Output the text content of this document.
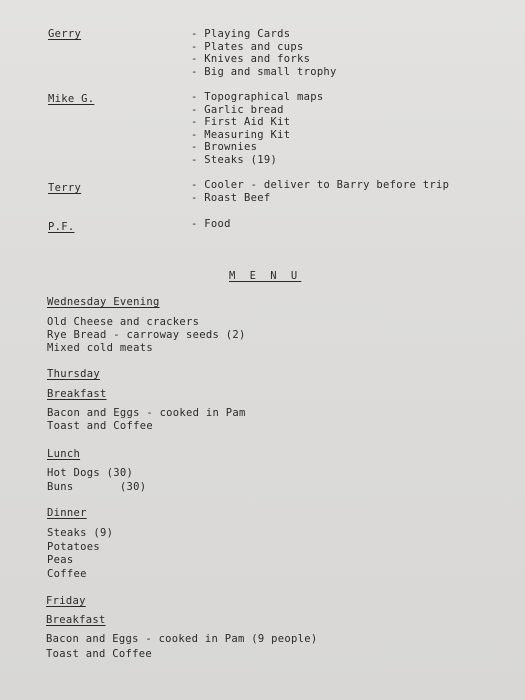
Gerry
Mike G.
Terry
P.F.
- Playing Cards
- Plates and cups
- Knives and forks
- Big and small trophy
- Topographical maps
- Garlic bread
- First Aid Kit
- Measuring Kit
- Brownies
- Steaks (19)
- Cooler - deliver to Barry before trip
- Roast Beef
- Food
M E N U
Wednesday Evening
Old Cheese and crackers
Rye Bread - carroway seeds (2)
Mixed cold meats
Thursday
Breakfast
Bacon and Eggs - cooked in Pam
Toast and Coffee
Lunch
Hot Dogs (30)
Buns       (30)
Dinner
Steaks (9)
Potatoes
Peas
Coffee
Friday
Breakfast
Bacon and Eggs - cooked in Pam (9 people)
Toast and Coffee
